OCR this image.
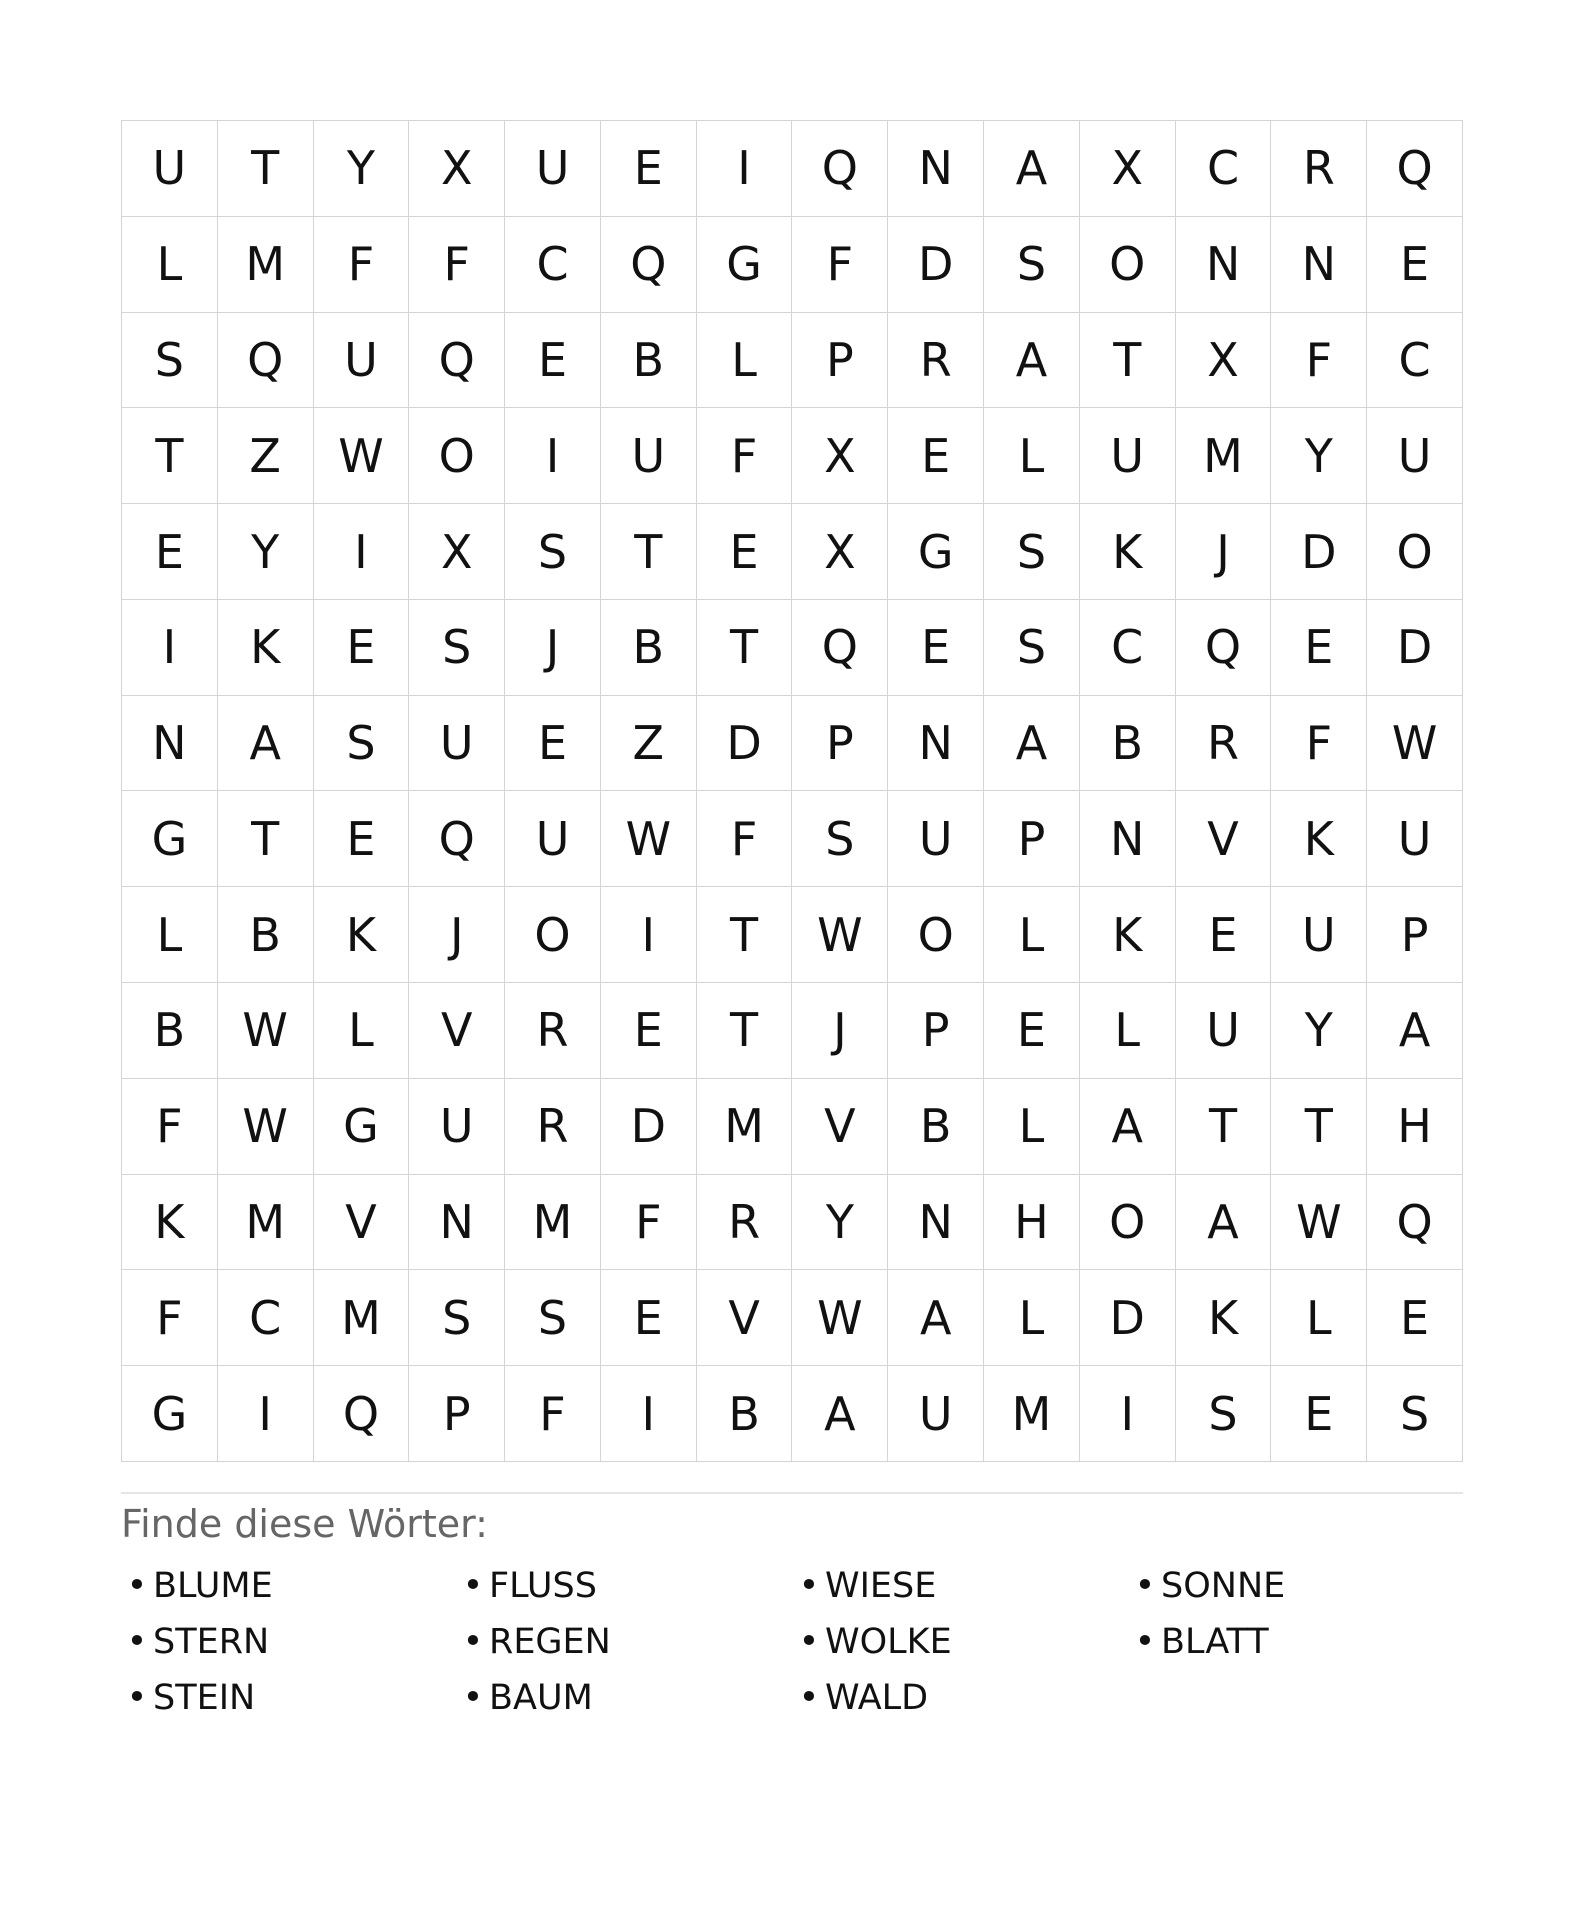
U	T	Y	X	U	E	I	Q	N	A	X	C	R	Q
L	M	F	F	C	Q	G	F	D	S	O	N	N	E
S	Q	U	Q	E	B	L	P	R	A	T	X	F	C
T	Z	W	O	I	U	F	X	E	L	U	M	Y	U
E	Y	I	X	S	T	E	X	G	S	K	J	D	O
I	K	E	S	J	B	T	Q	E	S	C	Q	E	D
N	A	S	U	E	Z	D	P	N	A	B	R	F	W
G	T	E	Q	U	W	F	S	U	P	N	V	K	U
L	B	K	J	O	I	T	W	O	L	K	E	U	P
B	W	L	V	R	E	T	J	P	E	L	U	Y	A
F	W	G	U	R	D	M	V	B	L	A	T	T	H
K	M	V	N	M	F	R	Y	N	H	O	A	W	Q
F	C	M	S	S	E	V	W	A	L	D	K	L	E
G	I	Q	P	F	I	B	A	U	M	I	S	E	S
Finde diese Wörter:
• BLUME	• FLUSS	• WIESE	• SONNE
• STERN	• REGEN	• WOLKE	• BLATT
• STEIN	• BAUM	• WALD
